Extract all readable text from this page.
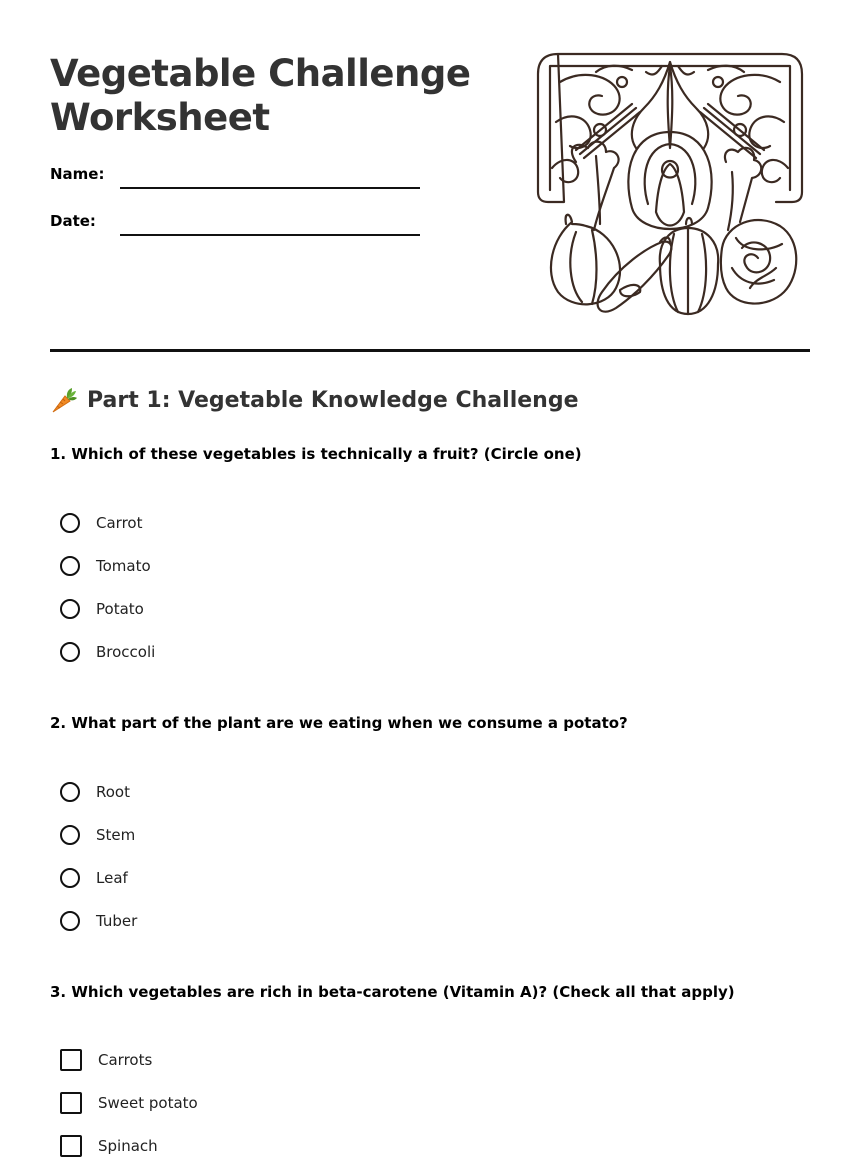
Vegetable Challenge
Worksheet
Name:
Date:
Part 1: Vegetable Knowledge Challenge

1. Which of these vegetables is technically a fruit? (Circle one)

Carrot
Tomato
Potato
Broccoli

2. What part of the plant are we eating when we consume a potato?

Root
Stem
Leaf
Tuber

3. Which vegetables are rich in beta-carotene (Vitamin A)? (Check all that apply)

Carrots
Sweet potato
Spinach
